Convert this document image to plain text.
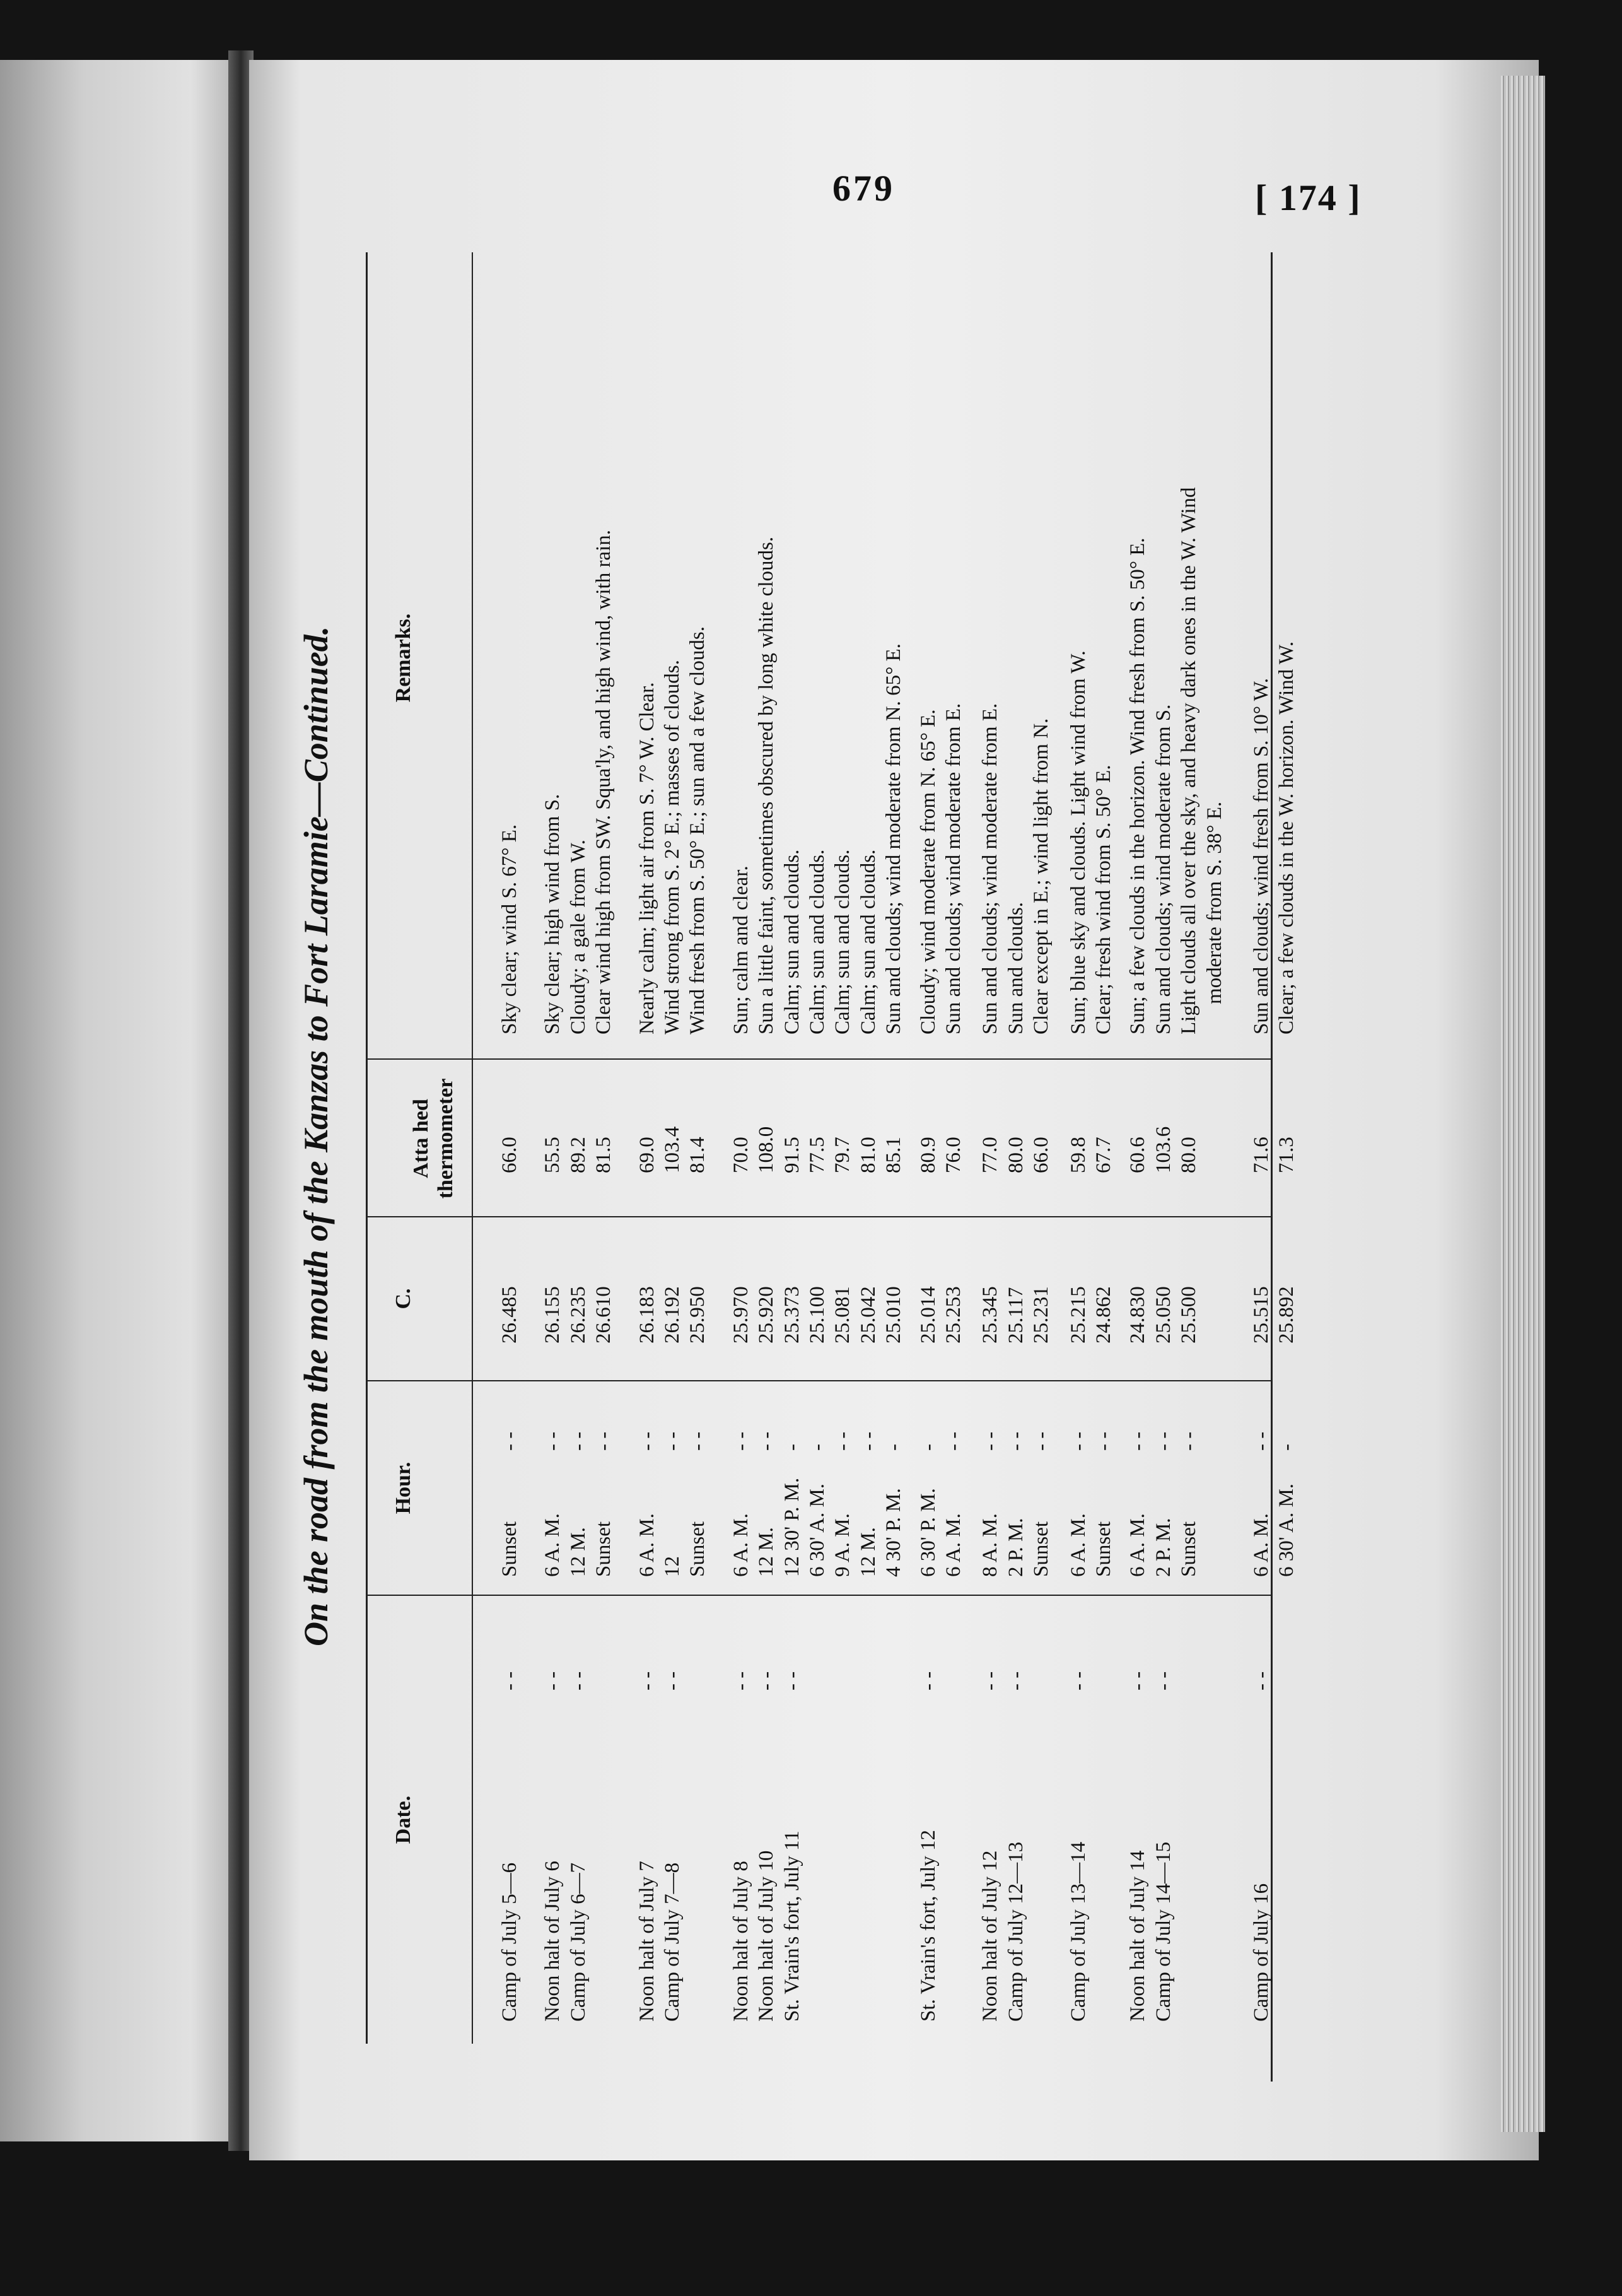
679	[ 174 ]
On the road from the mouth of the Kanzas to Fort Laramie—Continued.
Date.
Hour.
C.
Atta hed thermometer
Remarks.
Camp of July 5—6
- -
Sunset
- -
26.485
66.0
Sky clear; wind S. 67° E.
Noon halt of July 6
- -
6 A. M.
- -
26.155
55.5
Sky clear; high wind from S.
Camp of July 6—7
- -
12 M.
- -
26.235
89.2
Cloudy; a gale from W.
Sunset
- -
26.610
81.5
Clear wind high from SW. Squa'ly, and high wind, with rain.
Noon halt of July 7
- -
6 A. M.
- -
26.183
69.0
Nearly calm; light air from S. 7° W. Clear.
Camp of July 7—8
- -
12
- -
26.192
103.4
Wind strong from S. 2° E.; masses of clouds.
Sunset
- -
25.950
81.4
Wind fresh from S. 50° E.; sun and a few clouds.
Noon halt of July 8
- -
6 A. M.
- -
25.970
70.0
Sun; calm and clear.
Noon halt of July 10
- -
12 M.
- -
25.920
108.0
Sun a little faint, sometimes obscured by long white clouds.
St. Vrain's fort, July 11
- -
12 30' P. M.
-
25.373
91.5
Calm; sun and clouds.
6 30' A. M.
-
25.100
77.5
Calm; sun and clouds.
9 A. M.
- -
25.081
79.7
Calm; sun and clouds.
12 M.
- -
25.042
81.0
Calm; sun and clouds.
4 30' P. M.
-
25.010
85.1
Sun and clouds; wind moderate from N. 65° E.
St. Vrain's fort, July 12
- -
6 30' P. M.
-
25.014
80.9
Cloudy; wind moderate from N. 65° E.
6 A. M.
- -
25.253
76.0
Sun and clouds; wind moderate from E.
Noon halt of July 12
- -
8 A. M.
- -
25.345
77.0
Sun and clouds; wind moderate from E.
Camp of July 12—13
- -
2 P. M.
- -
25.117
80.0
Sun and clouds.
Sunset
- -
25.231
66.0
Clear except in E.; wind light from N.
Camp of July 13—14
- -
6 A. M.
- -
25.215
59.8
Sun; blue sky and clouds. Light wind from W.
Sunset
- -
24.862
67.7
Clear; fresh wind from S. 50° E.
Noon halt of July 14
- -
6 A. M.
- -
24.830
60.6
Sun; a few clouds in the horizon. Wind fresh from S. 50° E.
Camp of July 14—15
- -
2 P. M.
- -
25.050
103.6
Sun and clouds; wind moderate from S.
Sunset
- -
25.500
80.0
Light clouds all over the sky, and heavy dark ones in the W. Wind moderate from S. 38° E.
Camp of July 16
- -
6 A. M.
- -
25.515
71.6
Sun and clouds; wind fresh from S. 10° W.
6 30' A. M.
-
25.892
71.3
Clear; a few clouds in the W. horizon. Wind W.
